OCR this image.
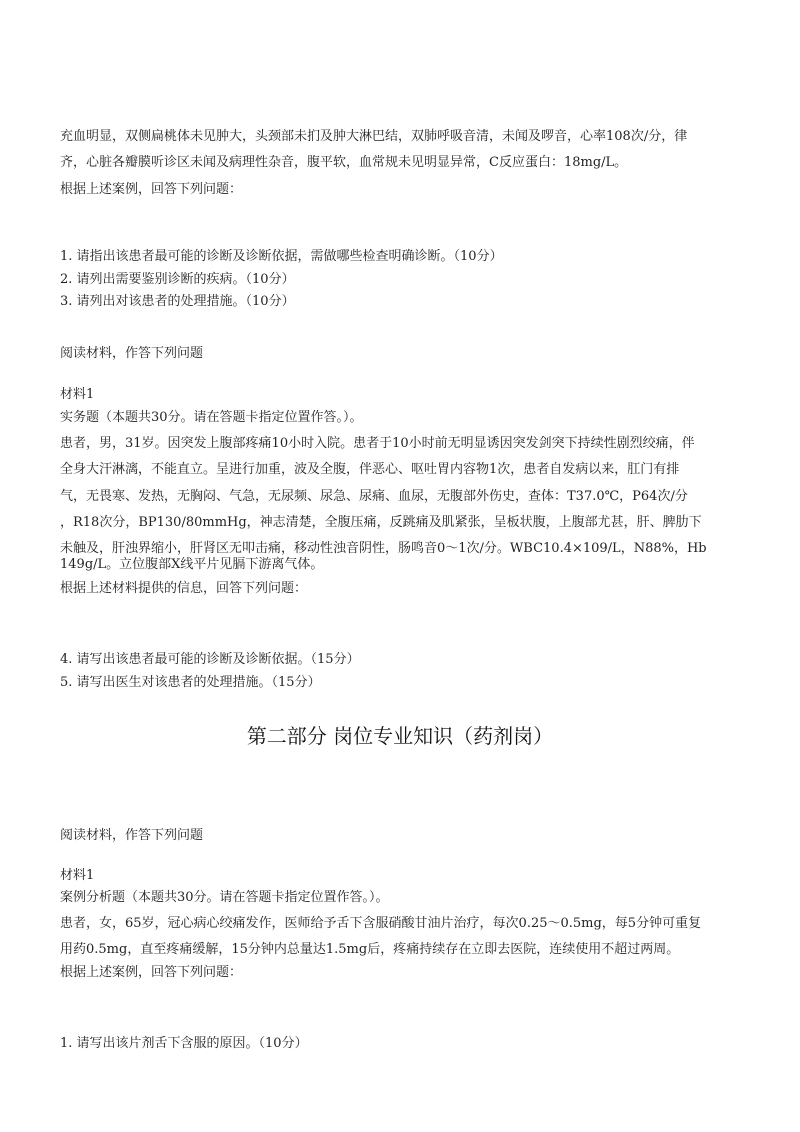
充血明显，双侧扁桃体未见肿大，头颈部未扪及肿大淋巴结，双肺呼吸音清，未闻及啰音，心率108次/分，律
齐，心脏各瓣膜听诊区未闻及病理性杂音，腹平软，血常规未见明显异常，C反应蛋白：18mg/L。
根据上述案例，回答下列问题：
1. 请指出该患者最可能的诊断及诊断依据，需做哪些检查明确诊断。（10分）
2. 请列出需要鉴别诊断的疾病。（10分）
3. 请列出对该患者的处理措施。（10分）
阅读材料，作答下列问题
材料1
实务题（本题共30分。请在答题卡指定位置作答。）。
患者，男，31岁。因突发上腹部疼痛10小时入院。患者于10小时前无明显诱因突发剑突下持续性剧烈绞痛，伴
全身大汗淋漓，不能直立。呈进行加重，波及全腹，伴恶心、呕吐胃内容物1次，患者自发病以来，肛门有排
气，无畏寒、发热，无胸闷、气急，无尿频、尿急、尿痛、血尿，无腹部外伤史，查体：T37.0℃，P64次/分
，R18次分，BP130/80mmHg，神志清楚，全腹压痛，反跳痛及肌紧张，呈板状腹，上腹部尤甚，肝、脾肋下
未触及，肝浊界缩小，肝肾区无叩击痛，移动性浊音阴性，肠鸣音0～1次/分。WBC10.4×109/L，N88%，Hb
149g/L。立位腹部X线平片见膈下游离气体。
根据上述材料提供的信息，回答下列问题：
4. 请写出该患者最可能的诊断及诊断依据。（15分）
5. 请写出医生对该患者的处理措施。（15分）
第二部分 岗位专业知识（药剂岗）
阅读材料，作答下列问题
材料1
案例分析题（本题共30分。请在答题卡指定位置作答。）。
患者，女，65岁，冠心病心绞痛发作，医师给予舌下含服硝酸甘油片治疗，每次0.25～0.5mg，每5分钟可重复
用药0.5mg，直至疼痛缓解，15分钟内总量达1.5mg后，疼痛持续存在立即去医院，连续使用不超过两周。
根据上述案例，回答下列问题：
1. 请写出该片剂舌下含服的原因。（10分）
